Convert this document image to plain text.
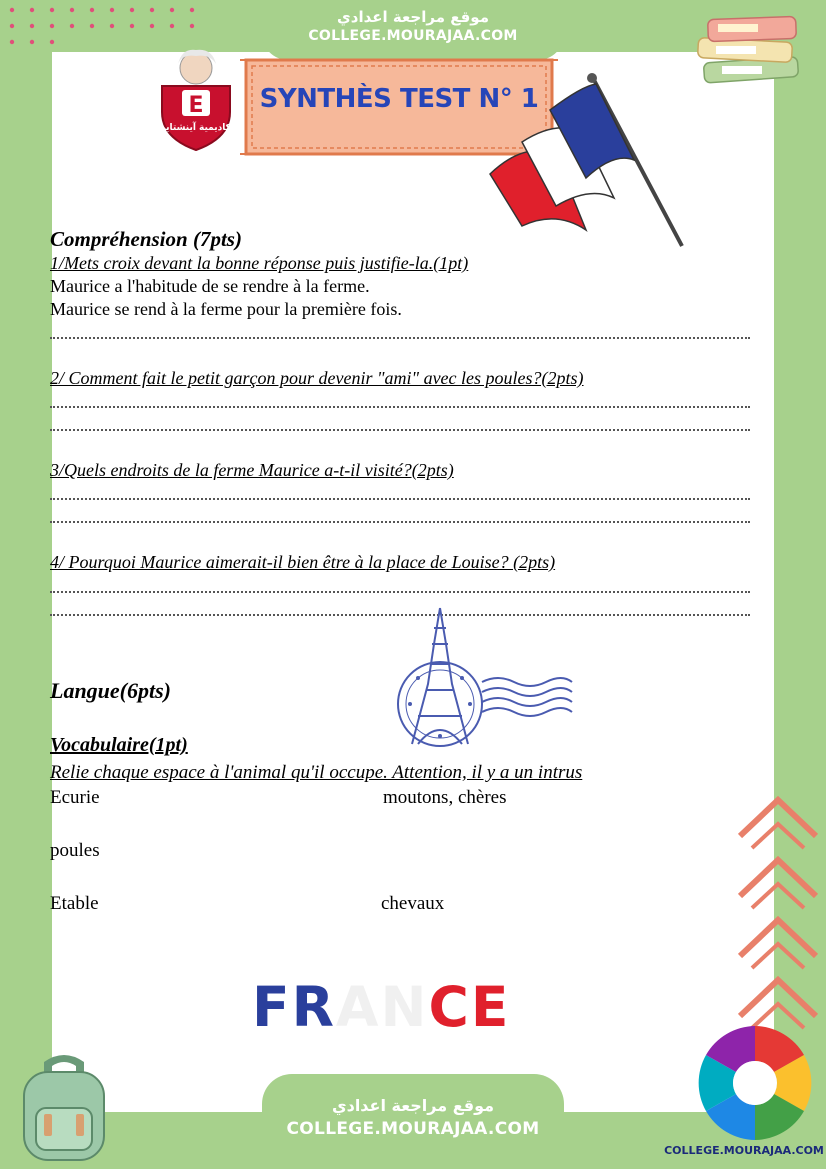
موقع مراجعة اعدادي
COLLEGE.MOURAJAA.COM
E
أكاديمية آينشتاين
SYNTHÈS TEST N° 1
Compréhension (7pts)
1/Mets croix devant la bonne réponse puis justifie-la.(1pt)
Maurice a l'habitude de se rendre à la ferme.
Maurice se rend à la ferme pour la première fois.
2/ Comment fait le petit garçon pour devenir "ami" avec les poules?(2pts)
3/Quels endroits de la ferme Maurice a-t-il visité?(2pts)
4/ Pourquoi Maurice aimerait-il bien être à la place de Louise? (2pts)
Langue(6pts)
Vocabulaire(1pt)
Relie chaque espace à l'animal qu'il occupe. Attention, il y a un intrus
Ecurie	moutons, chères
poules
Etable	chevaux
FRANCE
موقع مراجعة اعدادي
COLLEGE.MOURAJAA.COM
COLLEGE.MOURAJAA.COM
